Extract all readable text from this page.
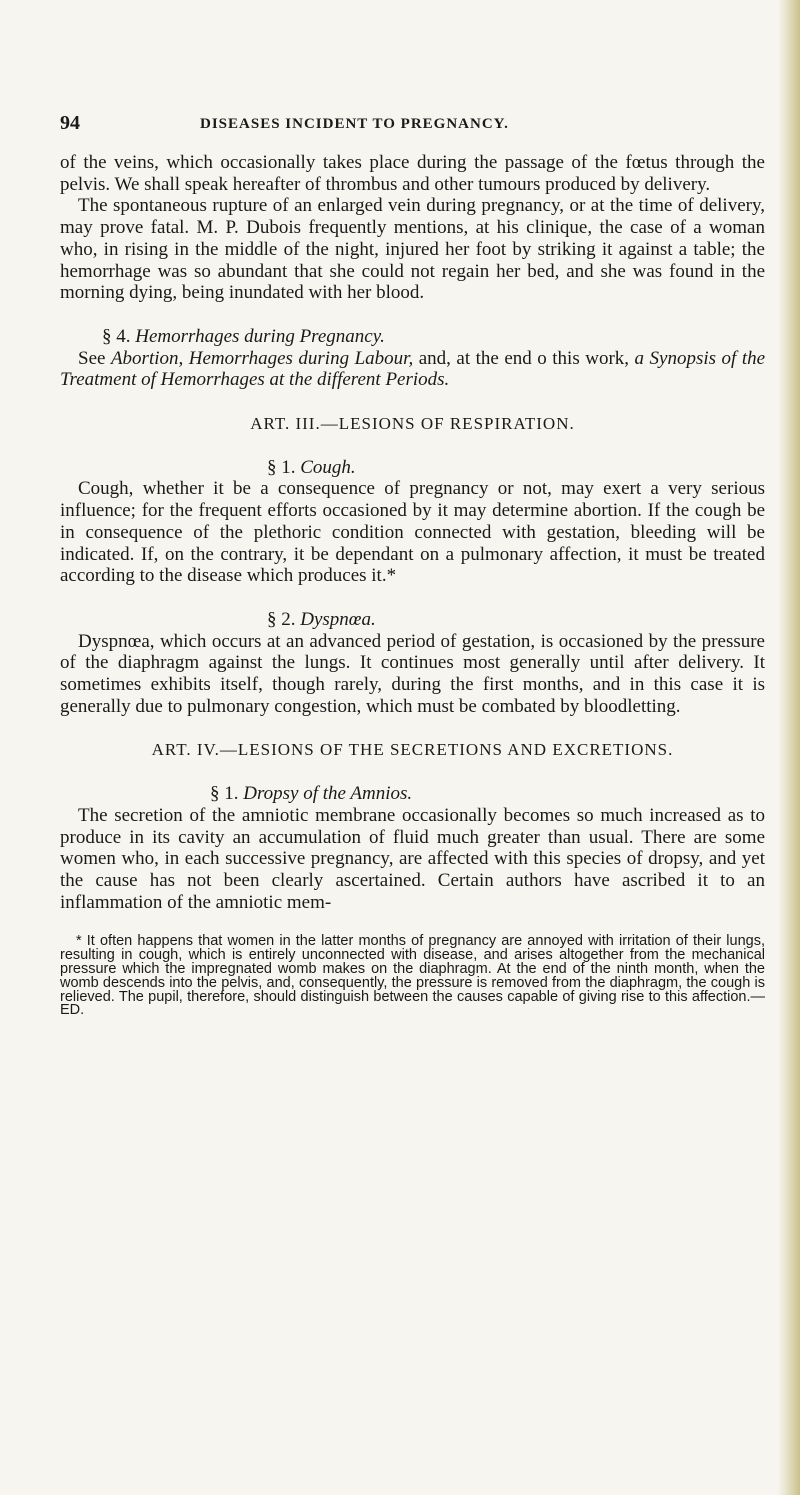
94	DISEASES INCIDENT TO PREGNANCY.

of the veins, which occasionally takes place during the passage of the fœtus through the pelvis. We shall speak hereafter of thrombus and other tumours produced by delivery.

The spontaneous rupture of an enlarged vein during pregnancy, or at the time of delivery, may prove fatal. M. P. Dubois frequently mentions, at his clinique, the case of a woman who, in rising in the middle of the night, injured her foot by striking it against a table; the hemorrhage was so abundant that she could not regain her bed, and she was found in the morning dying, being inundated with her blood.

§ 4. Hemorrhages during Pregnancy.

See Abortion, Hemorrhages during Labour, and, at the end o this work, a Synopsis of the Treatment of Hemorrhages at the different Periods.

ART. III.—LESIONS OF RESPIRATION.

§ 1. Cough.

Cough, whether it be a consequence of pregnancy or not, may exert a very serious influence; for the frequent efforts occasioned by it may determine abortion. If the cough be in consequence of the plethoric condition connected with gestation, bleeding will be indicated. If, on the contrary, it be dependant on a pulmonary affection, it must be treated according to the disease which produces it.*

§ 2. Dyspnœa.

Dyspnœa, which occurs at an advanced period of gestation, is occasioned by the pressure of the diaphragm against the lungs. It continues most generally until after delivery. It sometimes exhibits itself, though rarely, during the first months, and in this case it is generally due to pulmonary congestion, which must be combated by bloodletting.

ART. IV.—LESIONS OF THE SECRETIONS AND EXCRETIONS.

§ 1. Dropsy of the Amnios.

The secretion of the amniotic membrane occasionally becomes so much increased as to produce in its cavity an accumulation of fluid much greater than usual. There are some women who, in each successive pregnancy, are affected with this species of dropsy, and yet the cause has not been clearly ascertained. Certain authors have ascribed it to an inflammation of the amniotic mem-

* It often happens that women in the latter months of pregnancy are annoyed with irritation of their lungs, resulting in cough, which is entirely unconnected with disease, and arises altogether from the mechanical pressure which the impregnated womb makes on the diaphragm. At the end of the ninth month, when the womb descends into the pelvis, and, consequently, the pressure is removed from the diaphragm, the cough is relieved. The pupil, therefore, should distinguish between the causes capable of giving rise to this affection.—ED.
